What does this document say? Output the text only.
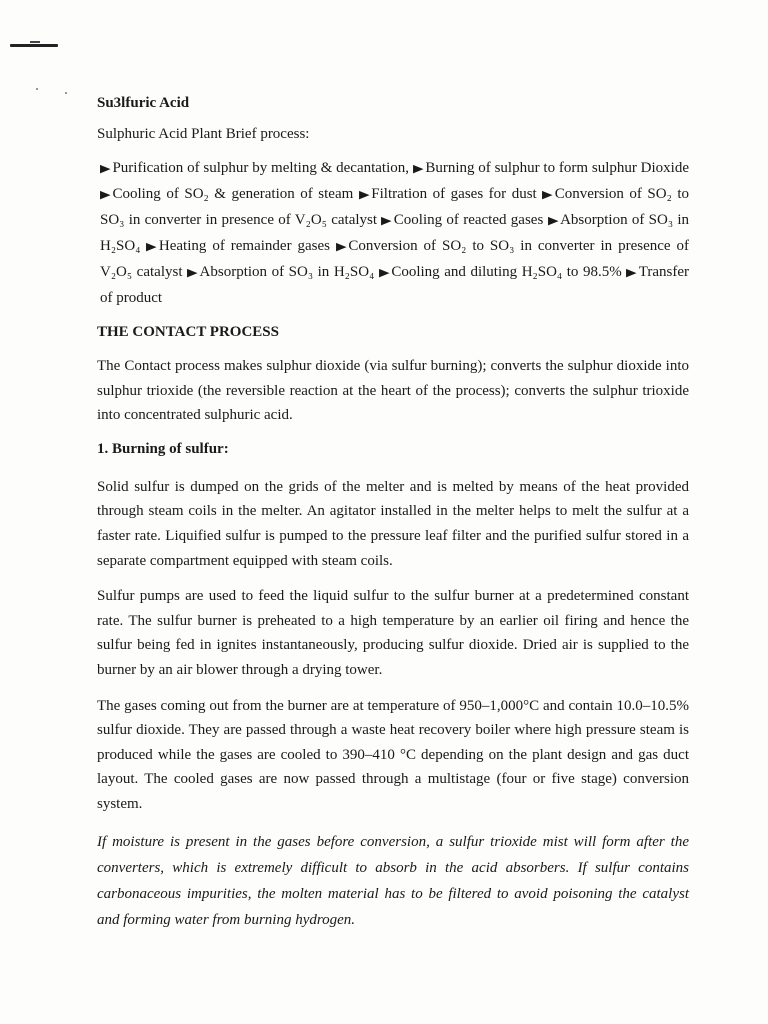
Su3lfuric Acid

Sulphuric Acid Plant Brief process:

▶ Purification of sulphur by melting & decantation, ▶ Burning of sulphur to form sulphur Dioxide ▶ Cooling of SO₂ & generation of steam ▶ Filtration of gases for dust ▶ Conversion of SO₂ to SO₃ in converter in presence of V₂O₅ catalyst ▶ Cooling of reacted gases ▶ Absorption of SO₃ in H₂SO₄ ▶ Heating of remainder gases ▶ Conversion of SO₂ to SO₃ in converter in presence of V₂O₅ catalyst ▶ Absorption of SO₃ in H₂SO₄ ▶ Cooling and diluting H₂SO₄ to 98.5% ▶ Transfer of product

THE CONTACT PROCESS

The Contact process makes sulphur dioxide (via sulfur burning); converts the sulphur dioxide into sulphur trioxide (the reversible reaction at the heart of the process); converts the sulphur trioxide into concentrated sulphuric acid.

1. Burning of sulfur:

Solid sulfur is dumped on the grids of the melter and is melted by means of the heat provided through steam coils in the melter. An agitator installed in the melter helps to melt the sulfur at a faster rate. Liquified sulfur is pumped to the pressure leaf filter and the purified sulfur stored in a separate compartment equipped with steam coils.

Sulfur pumps are used to feed the liquid sulfur to the sulfur burner at a predetermined constant rate. The sulfur burner is preheated to a high temperature by an earlier oil firing and hence the sulfur being fed in ignites instantaneously, producing sulfur dioxide. Dried air is supplied to the burner by an air blower through a drying tower.

The gases coming out from the burner are at temperature of 950–1,000°C and contain 10.0–10.5% sulfur dioxide. They are passed through a waste heat recovery boiler where high pressure steam is produced while the gases are cooled to 390–410 °C depending on the plant design and gas duct layout. The cooled gases are now passed through a multistage (four or five stage) conversion system.

If moisture is present in the gases before conversion, a sulfur trioxide mist will form after the converters, which is extremely difficult to absorb in the acid absorbers. If sulfur contains carbonaceous impurities, the molten material has to be filtered to avoid poisoning the catalyst and forming water from burning hydrogen.
